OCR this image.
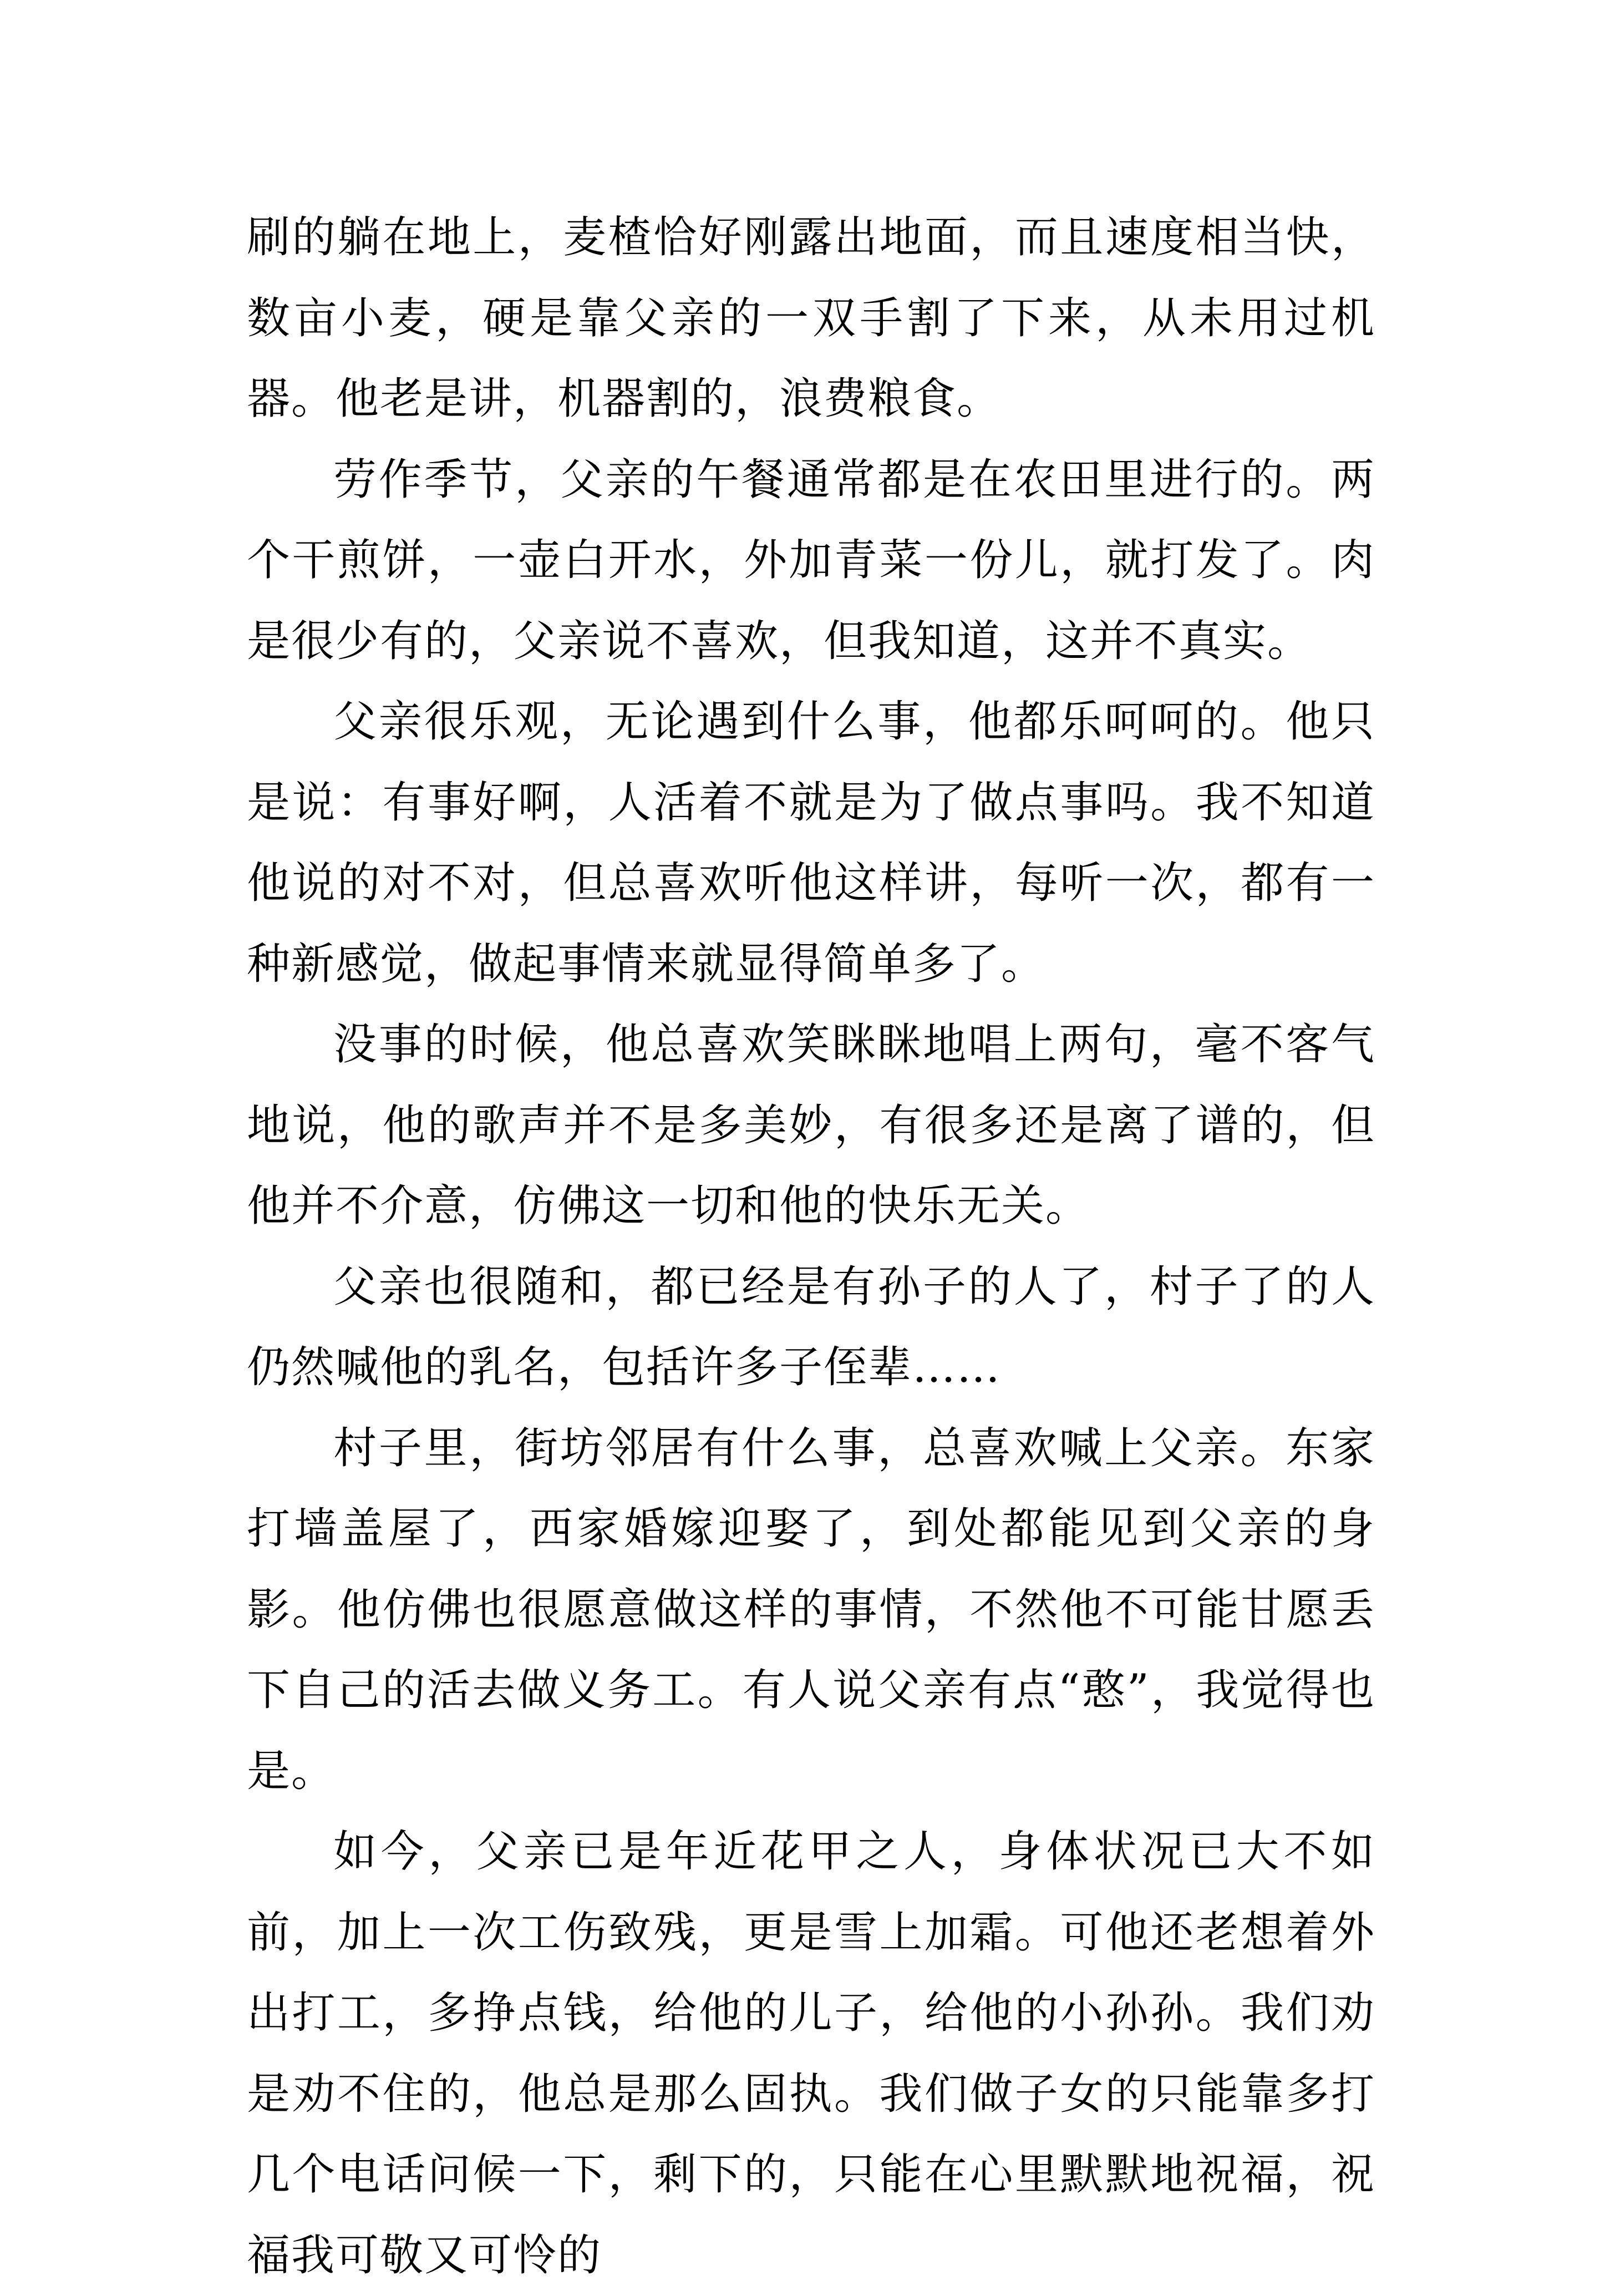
刷的躺在地上，麦楂恰好刚露出地面，而且速度相当快，数亩小麦，硬是靠父亲的一双手割了下来，从未用过机器。他老是讲，机器割的，浪费粮食。

劳作季节，父亲的午餐通常都是在农田里进行的。两个干煎饼，一壶白开水，外加青菜一份儿，就打发了。肉是很少有的，父亲说不喜欢，但我知道，这并不真实。

父亲很乐观，无论遇到什么事，他都乐呵呵的。他只是说：有事好啊，人活着不就是为了做点事吗。我不知道他说的对不对，但总喜欢听他这样讲，每听一次，都有一种新感觉，做起事情来就显得简单多了。

没事的时候，他总喜欢笑眯眯地唱上两句，毫不客气地说，他的歌声并不是多美妙，有很多还是离了谱的，但他并不介意，仿佛这一切和他的快乐无关。

父亲也很随和，都已经是有孙子的人了，村子了的人仍然喊他的乳名，包括许多子侄辈……

村子里，街坊邻居有什么事，总喜欢喊上父亲。东家打墙盖屋了，西家婚嫁迎娶了，到处都能见到父亲的身影。他仿佛也很愿意做这样的事情，不然他不可能甘愿丢下自己的活去做义务工。有人说父亲有点“憨”，我觉得也是。

如今，父亲已是年近花甲之人，身体状况已大不如前，加上一次工伤致残，更是雪上加霜。可他还老想着外出打工，多挣点钱，给他的儿子，给他的小孙孙。我们劝是劝不住的，他总是那么固执。我们做子女的只能靠多打几个电话问候一下，剩下的，只能在心里默默地祝福，祝福我可敬又可怜的
